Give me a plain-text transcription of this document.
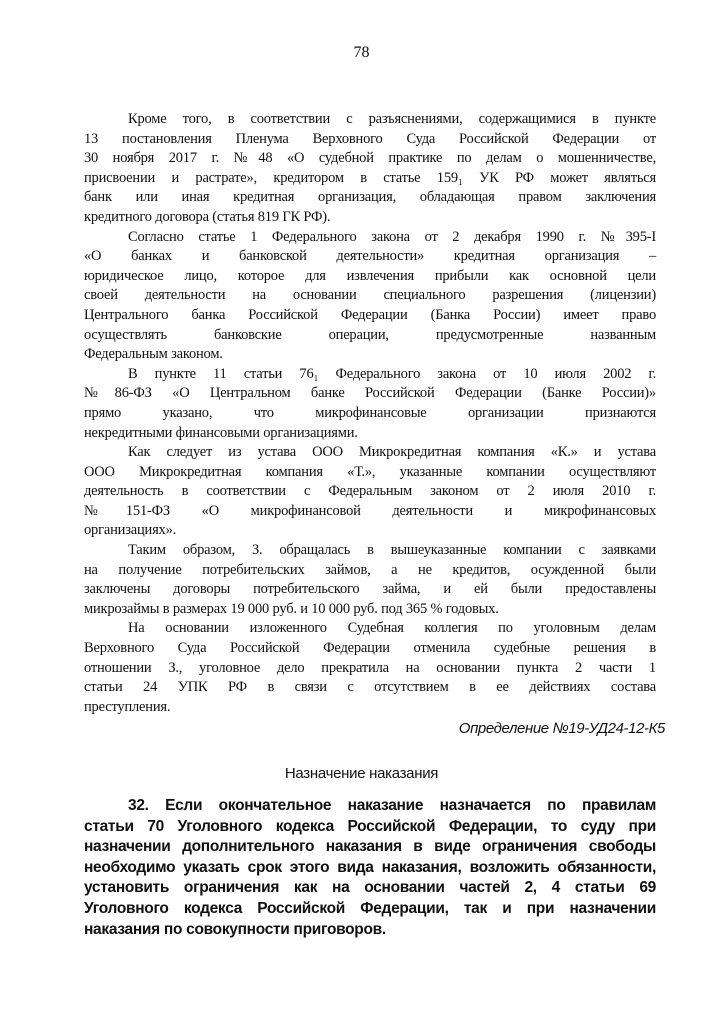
78
Кроме того, в соответствии с разъяснениями, содержащимися в пункте
13 постановления Пленума Верховного Суда Российской Федерации от
30 ноября 2017 г. №48 «О судебной практике по делам о мошенничестве,
присвоении и растрате», кредитором в статье 159₁ УК РФ может являться
банк или иная кредитная организация, обладающая правом заключения
кредитного договора (статья 819 ГК РФ).
Согласно статье 1 Федерального закона от 2 декабря 1990 г. №395-I
«О банках и банковской деятельности» кредитная организация –
юридическое лицо, которое для извлечения прибыли как основной цели
своей деятельности на основании специального разрешения (лицензии)
Центрального банка Российской Федерации (Банка России) имеет право
осуществлять банковские операции, предусмотренные названным
Федеральным законом.
В пункте 11 статьи 76₁ Федерального закона от 10 июля 2002 г.
№86-ФЗ «О Центральном банке Российской Федерации (Банке России)»
прямо указано, что микрофинансовые организации признаются
некредитными финансовыми организациями.
Как следует из устава ООО Микрокредитная компания «К.» и устава
ООО Микрокредитная компания «Т.», указанные компании осуществляют
деятельность в соответствии с Федеральным законом от 2 июля 2010 г.
№151-ФЗ «О микрофинансовой деятельности и микрофинансовых
организациях».
Таким образом, З. обращалась в вышеуказанные компании с заявками
на получение потребительских займов, а не кредитов, осужденной были
заключены договоры потребительского займа, и ей были предоставлены
микрозаймы в размерах 19 000 руб. и 10 000 руб. под 365 % годовых.
На основании изложенного Судебная коллегия по уголовным делам
Верховного Суда Российской Федерации отменила судебные решения в
отношении З., уголовное дело прекратила на основании пункта 2 части 1
статьи 24 УПК РФ в связи с отсутствием в ее действиях состава
преступления.
Определение №19-УД24-12-К5
Назначение наказания
32. Если окончательное наказание назначается по правилам
статьи 70 Уголовного кодекса Российской Федерации, то суду при
назначении дополнительного наказания в виде ограничения свободы
необходимо указать срок этого вида наказания, возложить обязанности,
установить ограничения как на основании частей 2, 4 статьи 69
Уголовного кодекса Российской Федерации, так и при назначении
наказания по совокупности приговоров.
